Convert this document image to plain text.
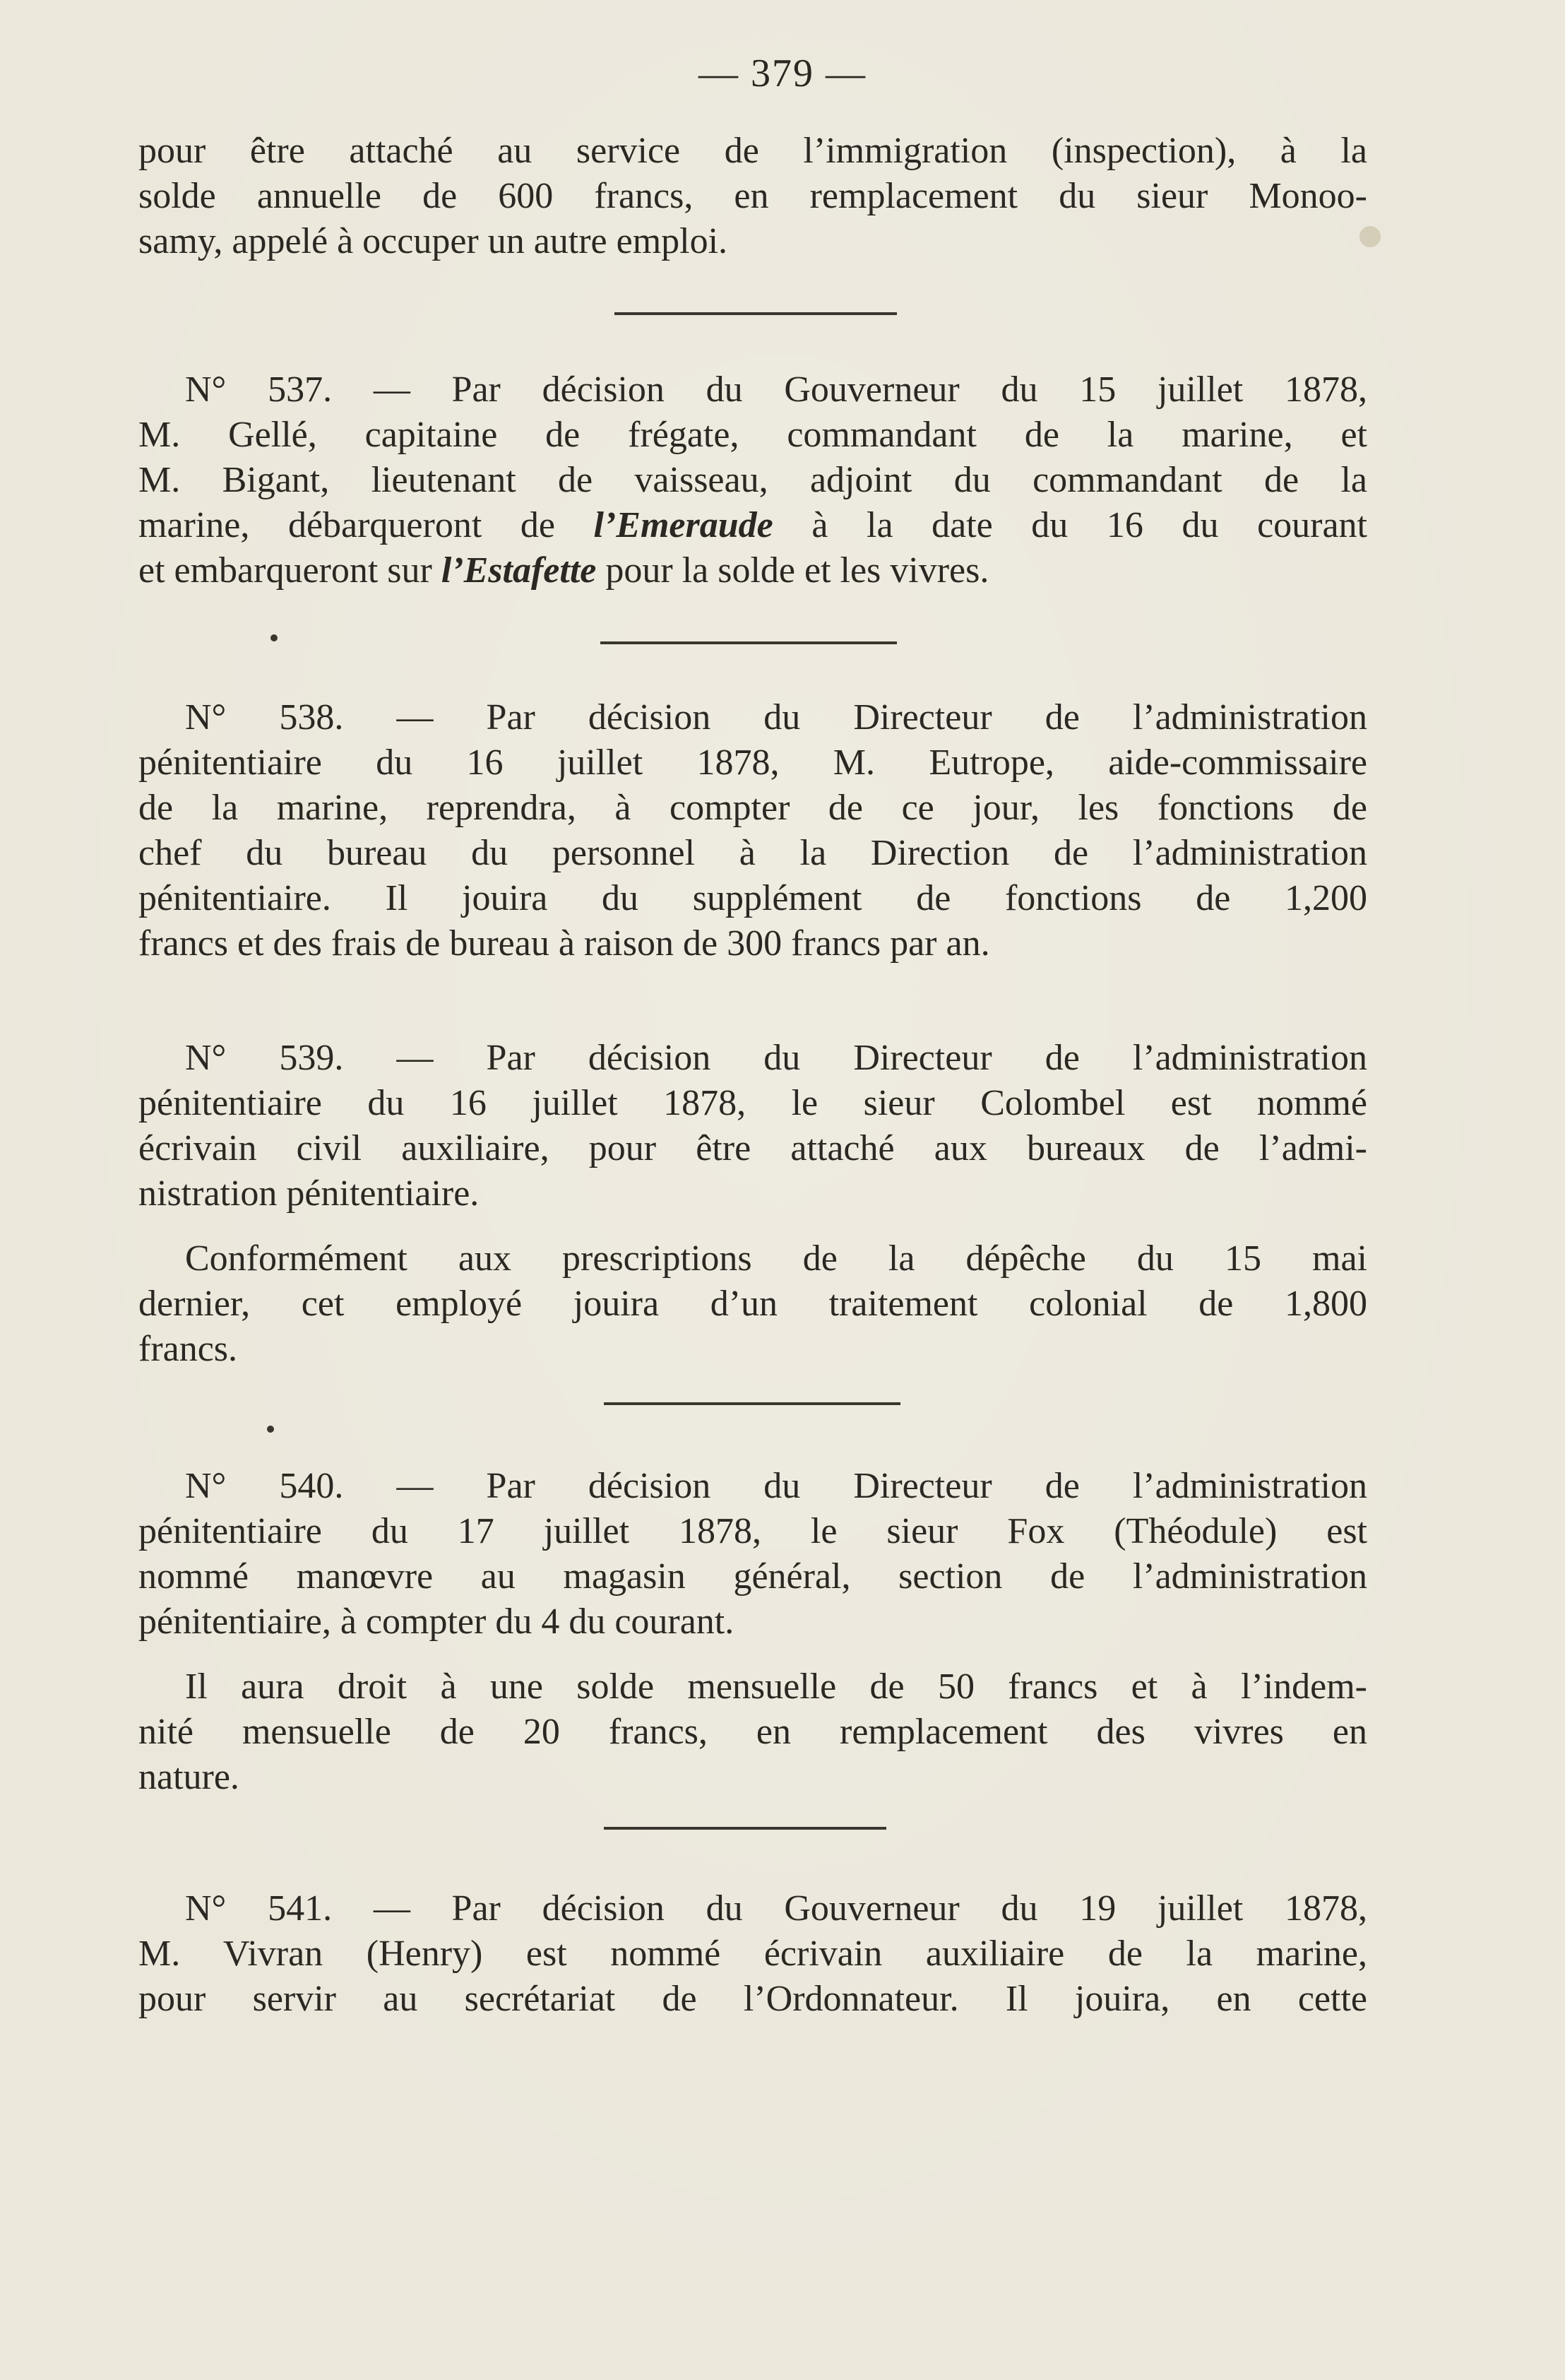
— 379 —
pour être attaché au service de l’immigration (inspection), à la
solde annuelle de 600 francs, en remplacement du sieur Monoo-
samy, appelé à occuper un autre emploi.
N° 537. — Par décision du Gouverneur du 15 juillet 1878,
M. Gellé, capitaine de frégate, commandant de la marine, et
M. Bigant, lieutenant de vaisseau, adjoint du commandant de la
marine, débarqueront de l’Emeraude à la date du 16 du courant
et embarqueront sur l’Estafette pour la solde et les vivres.
N° 538. — Par décision du Directeur de l’administration
pénitentiaire du 16 juillet 1878, M. Eutrope, aide-commissaire
de la marine, reprendra, à compter de ce jour, les fonctions de
chef du bureau du personnel à la Direction de l’administration
pénitentiaire. Il jouira du supplément de fonctions de 1,200
francs et des frais de bureau à raison de 300 francs par an.
N° 539. — Par décision du Directeur de l’administration
pénitentiaire du 16 juillet 1878, le sieur Colombel est nommé
écrivain civil auxiliaire, pour être attaché aux bureaux de l’admi-
nistration pénitentiaire.
Conformément aux prescriptions de la dépêche du 15 mai
dernier, cet employé jouira d’un traitement colonial de 1,800
francs.
N° 540. — Par décision du Directeur de l’administration
pénitentiaire du 17 juillet 1878, le sieur Fox (Théodule) est
nommé manœvre au magasin général, section de l’administration
pénitentiaire, à compter du 4 du courant.
Il aura droit à une solde mensuelle de 50 francs et à l’indem-
nité mensuelle de 20 francs, en remplacement des vivres en
nature.
N° 541. — Par décision du Gouverneur du 19 juillet 1878,
M. Vivran (Henry) est nommé écrivain auxiliaire de la marine,
pour servir au secrétariat de l’Ordonnateur. Il jouira, en cette
